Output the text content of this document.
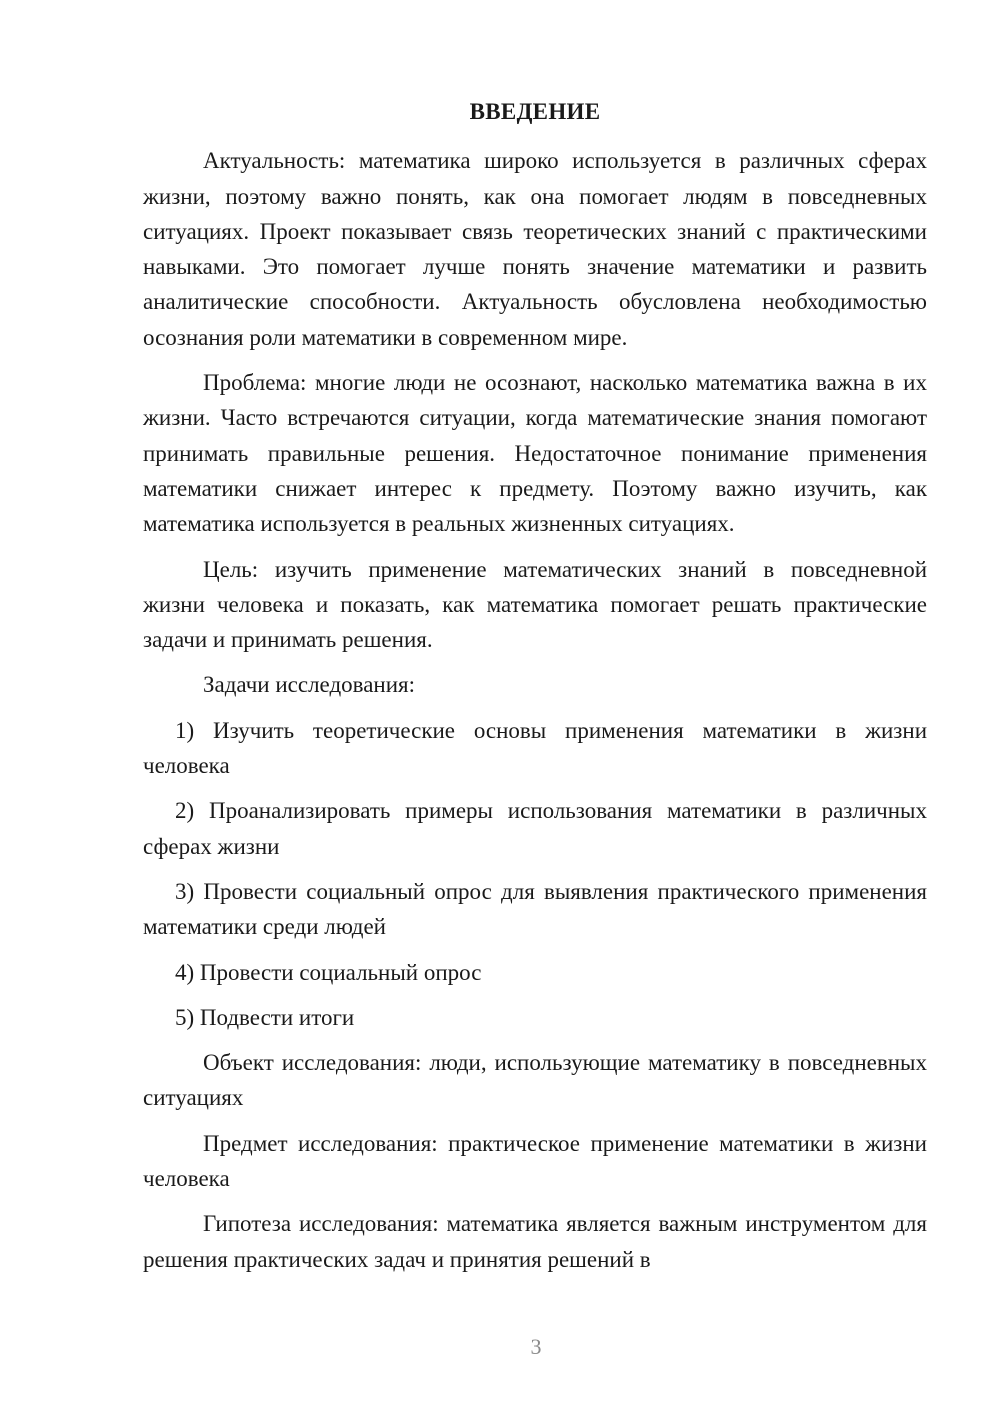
ВВЕДЕНИЕ

Актуальность: математика широко используется в различных сферах жизни, поэтому важно понять, как она помогает людям в повседневных ситуациях. Проект показывает связь теоретических знаний с практическими навыками. Это помогает лучше понять значение математики и развить аналитические способности. Актуальность обусловлена необходимостью осознания роли математики в современном мире.

Проблема: многие люди не осознают, насколько математика важна в их жизни. Часто встречаются ситуации, когда математические знания помогают принимать правильные решения. Недостаточное понимание применения математики снижает интерес к предмету. Поэтому важно изучить, как математика используется в реальных жизненных ситуациях.

Цель: изучить применение математических знаний в повседневной жизни человека и показать, как математика помогает решать практические задачи и принимать решения.

Задачи исследования:

1) Изучить теоретические основы применения математики в жизни человека

2) Проанализировать примеры использования математики в различных сферах жизни

3) Провести социальный опрос для выявления практического применения математики среди людей

4) Провести социальный опрос

5) Подвести итоги

Объект исследования: люди, использующие математику в повседневных ситуациях

Предмет исследования: практическое применение математики в жизни человека

Гипотеза исследования: математика является важным инструментом для решения практических задач и принятия решений в

3
